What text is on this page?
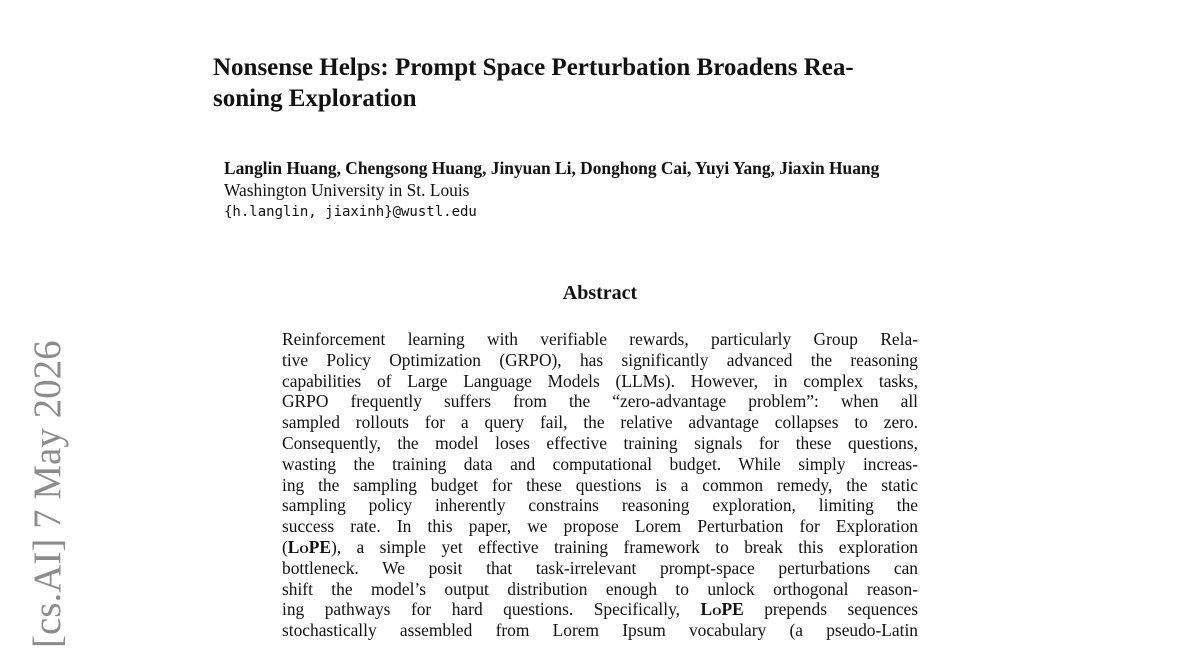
[cs.AI] 7 May 2026
Nonsense Helps: Prompt Space Perturbation Broadens Rea-
soning Exploration
Langlin Huang, Chengsong Huang, Jinyuan Li, Donghong Cai, Yuyi Yang, Jiaxin Huang
Washington University in St. Louis
{h.langlin, jiaxinh}@wustl.edu
Abstract
Reinforcement learning with verifiable rewards, particularly Group Rela-
tive Policy Optimization (GRPO), has significantly advanced the reasoning
capabilities of Large Language Models (LLMs). However, in complex tasks,
GRPO frequently suffers from the “zero-advantage problem”: when all
sampled rollouts for a query fail, the relative advantage collapses to zero.
Consequently, the model loses effective training signals for these questions,
wasting the training data and computational budget. While simply increas-
ing the sampling budget for these questions is a common remedy, the static
sampling policy inherently constrains reasoning exploration, limiting the
success rate. In this paper, we propose Lorem Perturbation for Exploration
(LoPE), a simple yet effective training framework to break this exploration
bottleneck. We posit that task-irrelevant prompt-space perturbations can
shift the model’s output distribution enough to unlock orthogonal reason-
ing pathways for hard questions. Specifically, LoPE prepends sequences
stochastically assembled from Lorem Ipsum vocabulary (a pseudo-Latin
